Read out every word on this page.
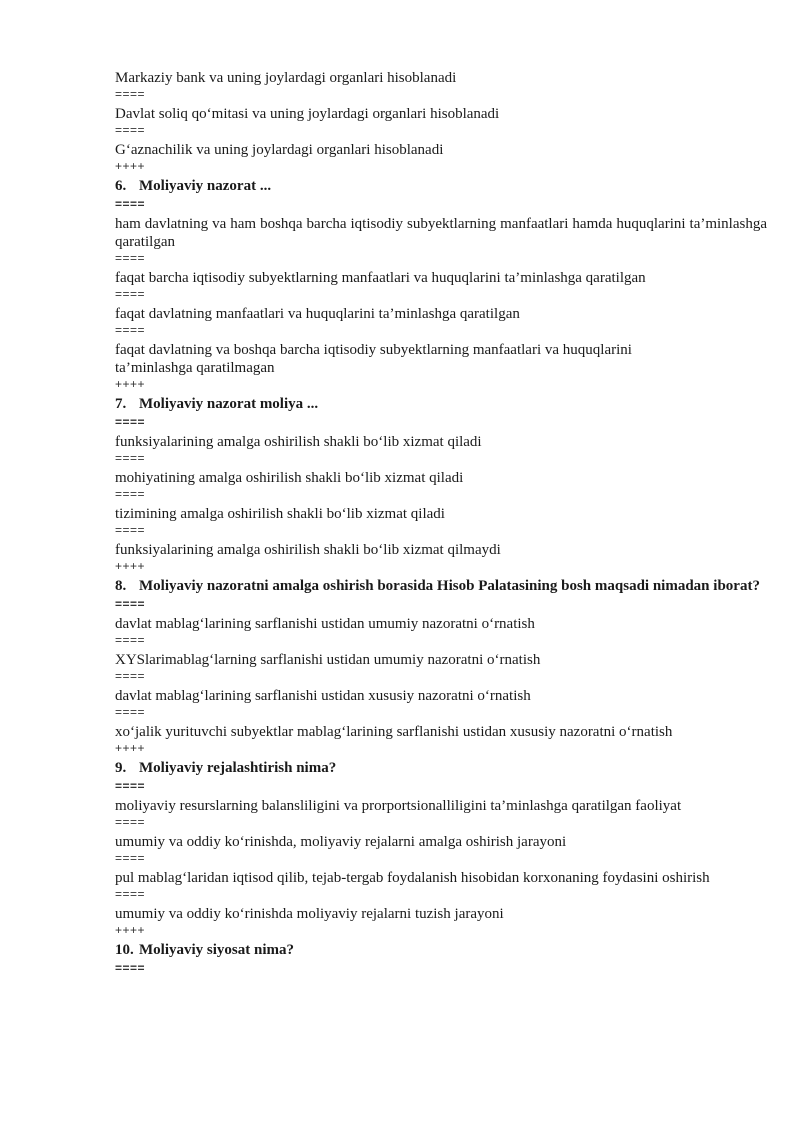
Markaziy bank va uning joylardagi organlari hisoblanadi
====
Davlat soliq qo‘mitasi va uning joylardagi organlari hisoblanadi
====
G‘aznachilik va uning joylardagi organlari hisoblanadi
++++
6. Moliyaviy nazorat ...
====
ham davlatning va ham boshqa barcha iqtisodiy subyektlarning manfaatlari hamda huquqlarini ta’minlashga qaratilgan
====
faqat barcha iqtisodiy subyektlarning manfaatlari va huquqlarini ta’minlashga qaratilgan
====
faqat davlatning manfaatlari va huquqlarini ta’minlashga qaratilgan
====
faqat davlatning va boshqa barcha iqtisodiy subyektlarning manfaatlari va huquqlarini ta’minlashga qaratilmagan
++++
7. Moliyaviy nazorat moliya ...
====
funksiyalarining amalga oshirilish shakli bo‘lib xizmat qiladi
====
mohiyatining amalga oshirilish shakli bo‘lib xizmat qiladi
====
tizimining amalga oshirilish shakli bo‘lib xizmat qiladi
====
funksiyalarining amalga oshirilish shakli bo‘lib xizmat qilmaydi
++++
8. Moliyaviy nazoratni amalga oshirish borasida Hisob Palatasining bosh maqsadi nimadan iborat?
====
davlat mablag‘larining sarflanishi ustidan umumiy nazoratni o‘rnatish
====
XYSlarimablag‘larning sarflanishi ustidan umumiy nazoratni o‘rnatish
====
davlat mablag‘larining sarflanishi ustidan xususiy nazoratni o‘rnatish
====
xo‘jalik yurituvchi subyektlar mablag‘larining sarflanishi ustidan xususiy nazoratni o‘rnatish
++++
9. Moliyaviy rejalashtirish nima?
====
moliyaviy resurslarning balansliligini va prorportsionalliligini ta’minlashga qaratilgan faoliyat
====
umumiy va oddiy ko‘rinishda, moliyaviy rejalarni amalga oshirish jarayoni
====
pul mablag‘laridan iqtisod qilib, tejab-tergab foydalanish hisobidan korxonaning foydasini oshirish
====
umumiy va oddiy ko‘rinishda moliyaviy rejalarni tuzish jarayoni
++++
10. Moliyaviy siyosat nima?
====
